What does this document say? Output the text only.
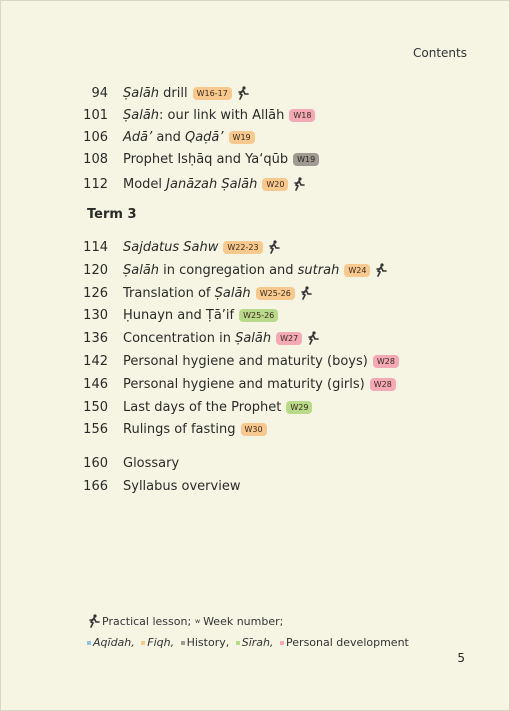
Contents
94 Ṣalāh drill	W16-17
101 Ṣalāh : our link with Allāh	W18
106 Adā’ and Qaḍā’	W19
108 Prophet Isḥāq and Ya‘qūb	W19
112 Model Janāzah Ṣalāh	W20
114 Sajdatus Sahw	W22-23
120 Ṣalāh in congregation and sutrah	W24
126 Translation of Ṣalāh	W25-26
130 Ḥunayn and Ṭā’if	W25-26
136 Concentration in Ṣalāh	W27
142 Personal hygiene and maturity (boys)	W28
146 Personal hygiene and maturity (girls)	W28
150 Last days of the Prophet	W29
156 Rulings of fasting	W30
160 Glossary
166 Syllabus overview
Term 3
Practical lesson; w Week number;
Aqīdah, Fiqh, History, Sīrah, Personal development
5
